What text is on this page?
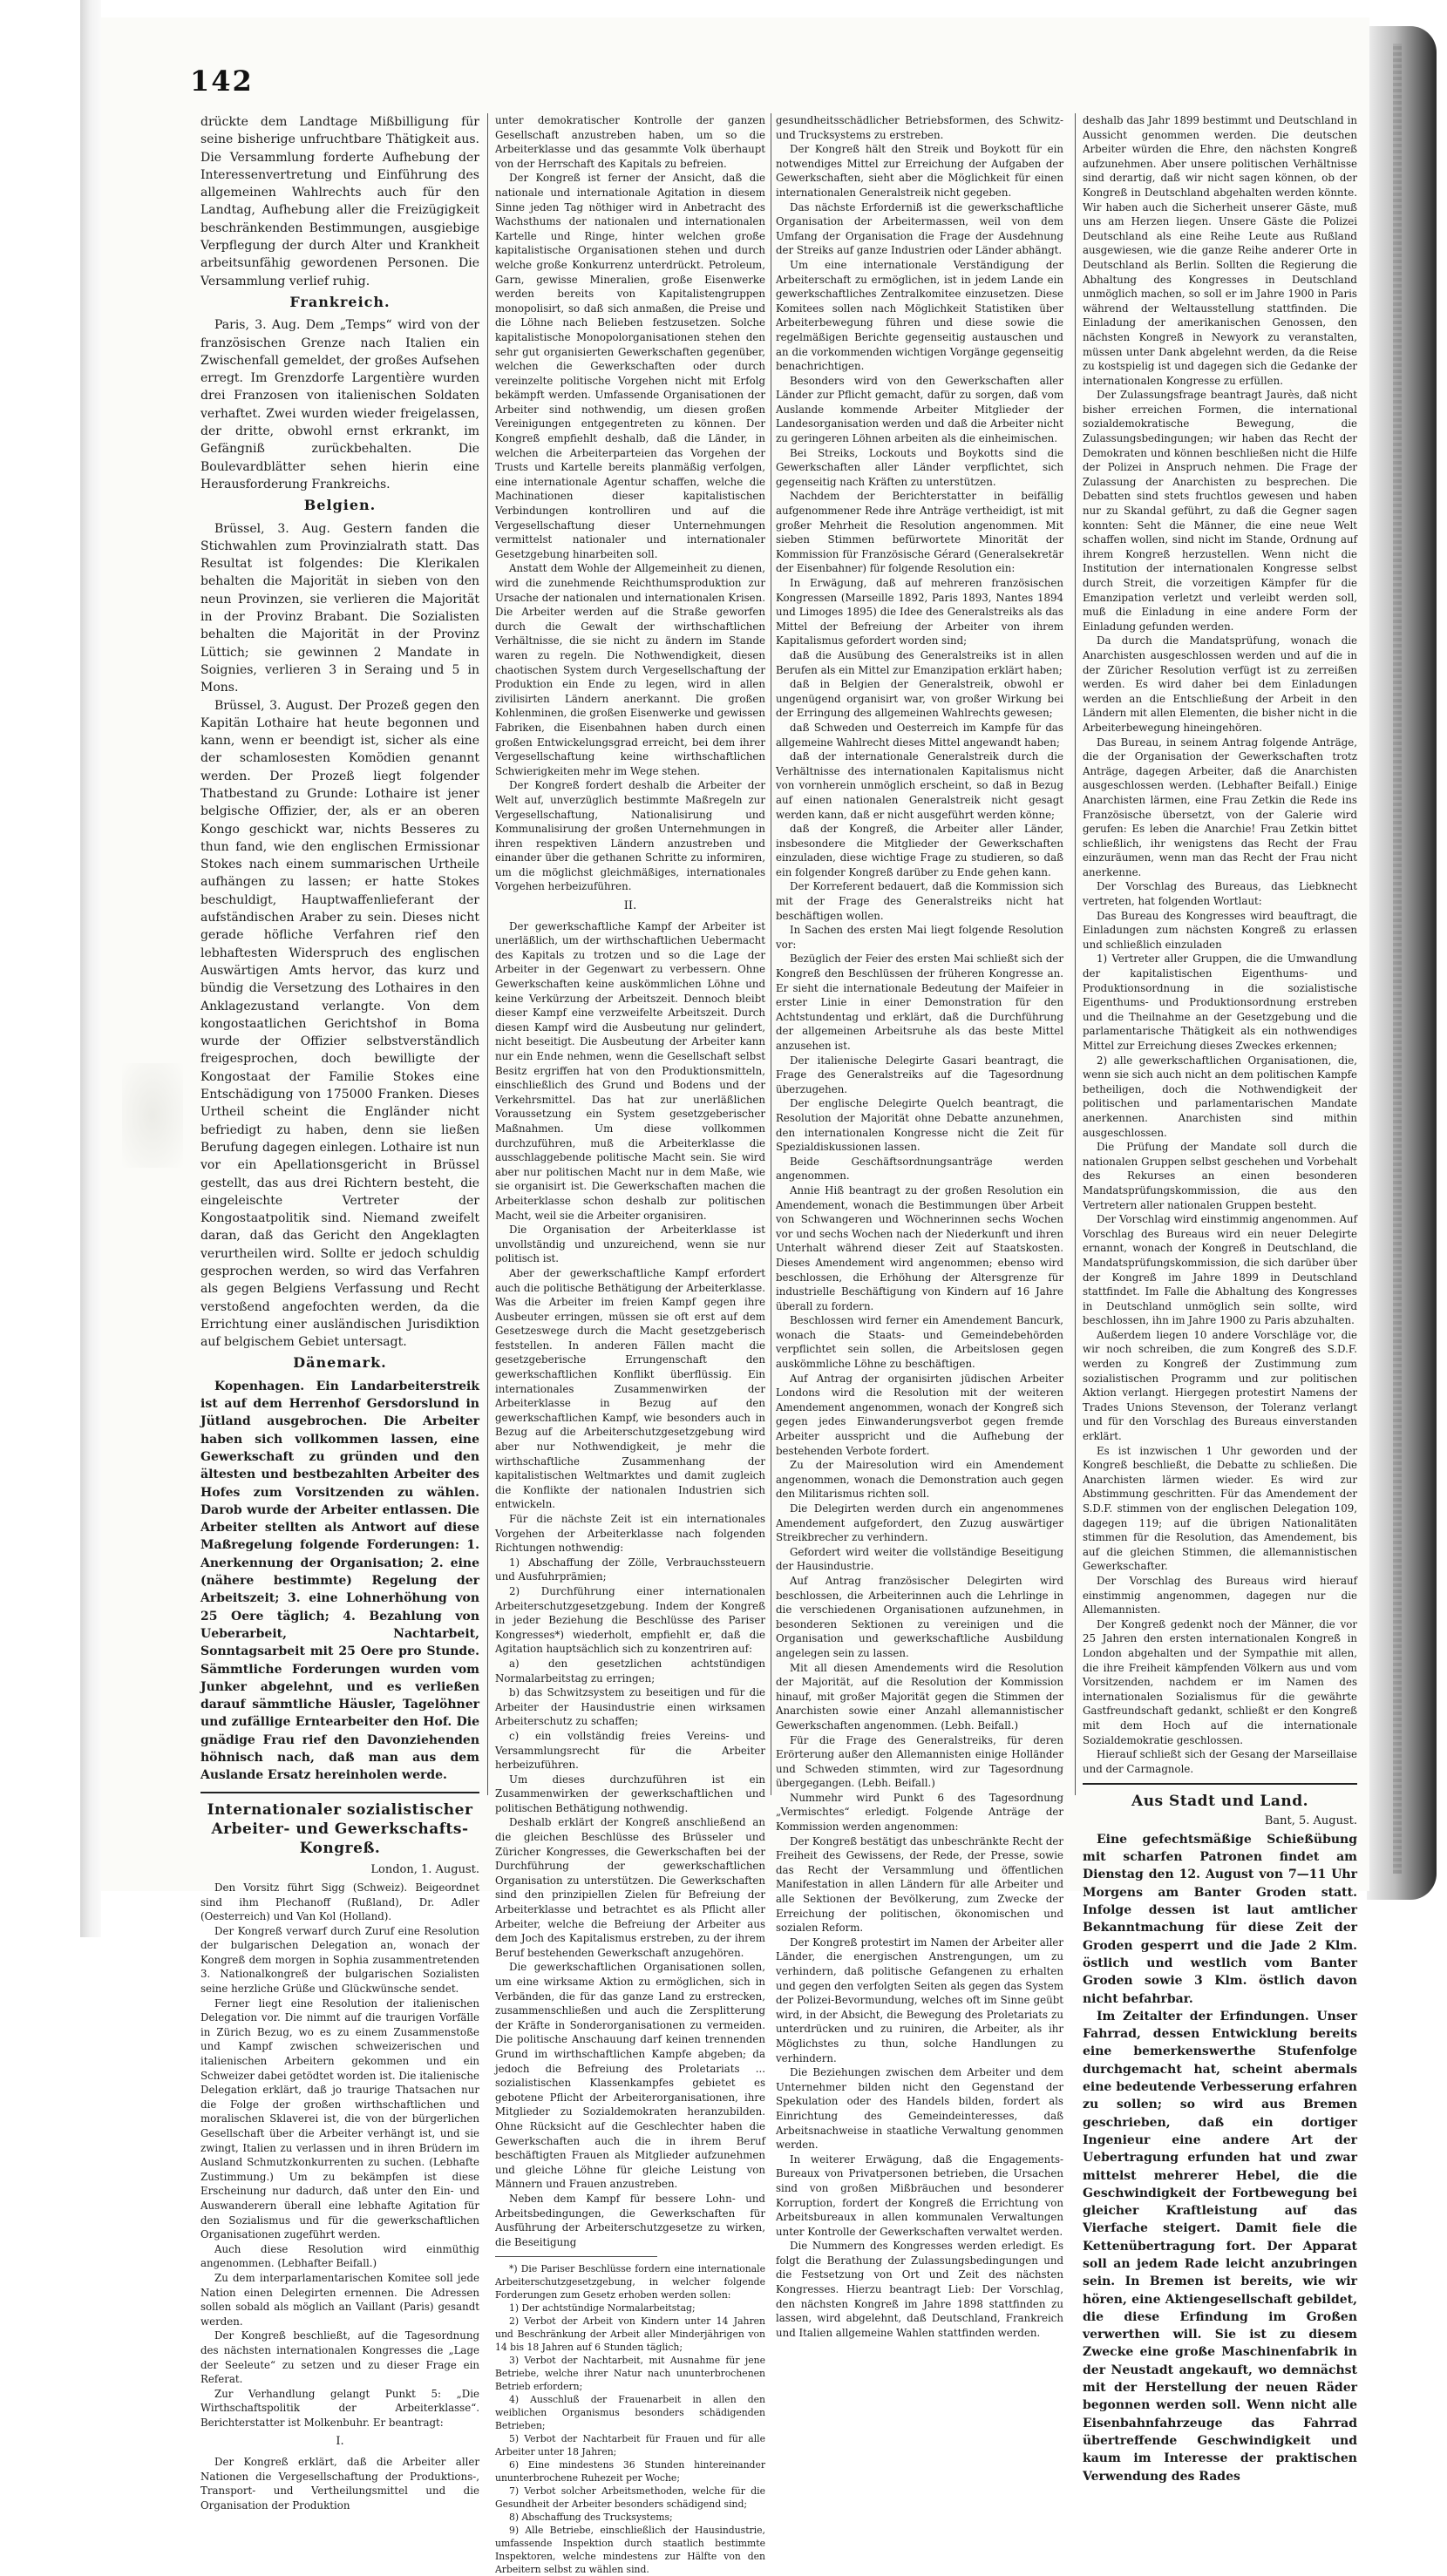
142

drückte dem Landtage Mißbilligung für seine bisherige unfruchtbare Thätigkeit aus. Die Versammlung forderte Aufhebung der Interessenvertretung und Einführung des allgemeinen Wahlrechts auch für den Landtag, Aufhebung aller die Freizügigkeit beschränkenden Bestimmungen, ausgiebige Verpflegung der durch Alter und Krankheit arbeitsunfähig gewordenen Personen. Die Versammlung verlief ruhig.

Frankreich.

Paris, 3. Aug. Dem „Temps“ wird von der französischen Grenze nach Italien ein Zwischenfall gemeldet, der großes Aufsehen erregt. Im Grenzdorfe Largentière wurden drei Franzosen von italienischen Soldaten verhaftet. Zwei wurden wieder freigelassen, der dritte, obwohl ernst erkrankt, im Gefängniß zurückbehalten. Die Boulevardblätter sehen hierin eine Herausforderung Frankreichs.

Belgien.

Brüssel, 3. Aug. Gestern fanden die Stichwahlen zum Provinzialrath statt. Das Resultat ist folgendes: Die Klerikalen behalten die Majorität in sieben von den neun Provinzen, sie verlieren die Majorität in der Provinz Brabant. Die Sozialisten behalten die Majorität in der Provinz Lüttich; sie gewinnen 2 Mandate in Soignies, verlieren 3 in Seraing und 5 in Mons.

Brüssel, 3. August. Der Prozeß gegen den Kapitän Lothaire hat heute begonnen und kann, wenn er beendigt ist, sicher als eine der schamlosesten Komödien genannt werden. Der Prozeß liegt folgender Thatbestand zu Grunde: Lothaire ist jener belgische Offizier, der, als er an oberen Kongo geschickt war, nichts Besseres zu thun fand, wie den englischen Ermissionar Stokes nach einem summarischen Urtheile aufhängen zu lassen; er hatte Stokes beschuldigt, Hauptwaffenlieferant der aufständischen Araber zu sein. Dieses nicht gerade höfliche Verfahren rief den lebhaftesten Widerspruch des englischen Auswärtigen Amts hervor, das kurz und bündig die Versetzung des Lothaires in den Anklagezustand verlangte. Von dem kongostaatlichen Gerichtshof in Boma wurde der Offizier selbstverständlich freigesprochen, doch bewilligte der Kongostaat der Familie Stokes eine Entschädigung von 175000 Franken. Dieses Urtheil scheint die Engländer nicht befriedigt zu haben, denn sie ließen Berufung dagegen einlegen. Lothaire ist nun vor ein Apellationsgericht in Brüssel gestellt, das aus drei Richtern besteht, die eingeleischte Vertreter der Kongostaatpolitik sind. Niemand zweifelt daran, daß das Gericht den Angeklagten verurtheilen wird. Sollte er jedoch schuldig gesprochen werden, so wird das Verfahren als gegen Belgiens Verfassung und Recht verstoßend angefochten werden, da die Errichtung einer ausländischen Jurisdiktion auf belgischem Gebiet untersagt.

Dänemark.

Kopenhagen. Ein Landarbeiterstreik ist auf dem Herrenhof Gersdorslund in Jütland ausgebrochen. Die Arbeiter haben sich vollkommen lassen, eine Gewerkschaft zu gründen und den ältesten und bestbezahlten Arbeiter des Hofes zum Vorsitzenden zu wählen. Darob wurde der Arbeiter entlassen. Die Arbeiter stellten als Antwort auf diese Maßregelung folgende Forderungen: 1. Anerkennung der Organisation; 2. eine (nähere bestimmte) Regelung der Arbeitszeit; 3. eine Lohnerhöhung von 25 Oere täglich; 4. Bezahlung von Ueberarbeit, Nachtarbeit, Sonntagsarbeit mit 25 Oere pro Stunde. Sämmtliche Forderungen wurden vom Junker abgelehnt, und es verließen darauf sämmtliche Häusler, Tagelöhner und zufällige Erntearbeiter den Hof. Die gnädige Frau rief den Davonziehenden höhnisch nach, daß man aus dem Auslande Ersatz hereinholen werde.

Internationaler sozialistischer Arbeiter- und Gewerkschafts-Kongreß.
London, 1. August.

Den Vorsitz führt Sigg (Schweiz). Beigeordnet sind ihm Plechanoff (Rußland), Dr. Adler (Oesterreich) und Van Kol (Holland).

Der Kongreß verwarf durch Zuruf eine Resolution der bulgarischen Delegation an, wonach der Kongreß dem morgen in Sophia zusammentretenden 3. Nationalkongreß der bulgarischen Sozialisten seine herzliche Grüße und Glückwünsche sendet.

Ferner liegt eine Resolution der italienischen Delegation vor. Die nimmt auf die traurigen Vorfälle in Zürich Bezug, wo es zu einem Zusammenstoße und Kampf zwischen schweizerischen und italienischen Arbeitern gekommen und ein Schweizer dabei getödtet worden ist. Die italienische Delegation erklärt, daß jo traurige Thatsachen nur die Folge der großen wirthschaftlichen und moralischen Sklaverei ist, die von der bürgerlichen Gesellschaft über die Arbeiter verhängt ist, und sie zwingt, Italien zu verlassen und in ihren Brüdern im Ausland Schmutzkonkurrenten zu suchen. (Lebhafte Zustimmung.) Um zu bekämpfen ist diese Erscheinung nur dadurch, daß unter den Ein- und Auswanderern überall eine lebhafte Agitation für den Sozialismus und für die gewerkschaftlichen Organisationen zugeführt werden.

Auch diese Resolution wird einmüthig angenommen. (Lebhafter Beifall.)

Zu dem interparlamentarischen Komitee soll jede Nation einen Delegirten ernennen. Die Adressen sollen sobald als möglich an Vaillant (Paris) gesandt werden.

Der Kongreß beschließt, auf die Tagesordnung des nächsten internationalen Kongresses die „Lage der Seeleute“ zu setzen und zu dieser Frage ein Referat.

Zur Verhandlung gelangt Punkt 5: „Die Wirthschaftspolitik der Arbeiterklasse“. Berichterstatter ist Molkenbuhr. Er beantragt:

I.

Der Kongreß erklärt, daß die Arbeiter aller Nationen die Vergesellschaftung der Produktions-, Transport- und Vertheilungsmittel und die Organisation der Produktion

unter demokratischer Kontrolle der ganzen Gesellschaft anzustreben haben, um so die Arbeiterklasse und das gesammte Volk überhaupt von der Herrschaft des Kapitals zu befreien.

Der Kongreß ist ferner der Ansicht, daß die nationale und internationale Agitation in diesem Sinne jeden Tag nöthiger wird in Anbetracht des Wachsthums der nationalen und internationalen Kartelle und Ringe, hinter welchen große kapitalistische Organisationen stehen und durch welche große Konkurrenz unterdrückt. Petroleum, Garn, gewisse Mineralien, große Eisenwerke werden bereits von Kapitalistengruppen monopolisirt, so daß sich anmaßen, die Preise und die Löhne nach Belieben festzusetzen. Solche kapitalistische Monopolorganisationen stehen den sehr gut organisierten Gewerkschaften gegenüber, welchen die Gewerkschaften oder durch vereinzelte politische Vorgehen nicht mit Erfolg bekämpft werden. Umfassende Organisationen der Arbeiter sind nothwendig, um diesen großen Vereinigungen entgegentreten zu können. Der Kongreß empfiehlt deshalb, daß die Länder, in welchen die Arbeiterparteien das Vorgehen der Trusts und Kartelle bereits planmäßig verfolgen, eine internationale Agentur schaffen, welche die Machinationen dieser kapitalistischen Verbindungen kontrolliren und auf die Vergesellschaftung dieser Unternehmungen vermittelst nationaler und internationaler Gesetzgebung hinarbeiten soll.

Anstatt dem Wohle der Allgemeinheit zu dienen, wird die zunehmende Reichthumsproduktion zur Ursache der nationalen und internationalen Krisen. Die Arbeiter werden auf die Straße geworfen durch die Gewalt der wirthschaftlichen Verhältnisse, die sie nicht zu ändern im Stande waren zu regeln. Die Nothwendigkeit, diesen chaotischen System durch Vergesellschaftung der Produktion ein Ende zu legen, wird in allen zivilisirten Ländern anerkannt. Die großen Kohlenminen, die großen Eisenwerke und gewissen Fabriken, die Eisenbahnen haben durch einen großen Entwickelungsgrad erreicht, bei dem ihrer Vergesellschaftung keine wirthschaftlichen Schwierigkeiten mehr im Wege stehen.

Der Kongreß fordert deshalb die Arbeiter der Welt auf, unverzüglich bestimmte Maßregeln zur Vergesellschaftung, Nationalisirung und Kommunalisirung der großen Unternehmungen in ihren respektiven Ländern anzustreben und einander über die gethanen Schritte zu informiren, um die möglichst gleichmäßiges, internationales Vorgehen herbeizuführen.

II.

Der gewerkschaftliche Kampf der Arbeiter ist unerläßlich, um der wirthschaftlichen Uebermacht des Kapitals zu trotzen und so die Lage der Arbeiter in der Gegenwart zu verbessern. Ohne Gewerkschaften keine auskömmlichen Löhne und keine Verkürzung der Arbeitszeit. Dennoch bleibt dieser Kampf eine verzweifelte Arbeitszeit. Durch diesen Kampf wird die Ausbeutung nur gelindert, nicht beseitigt. Die Ausbeutung der Arbeiter kann nur ein Ende nehmen, wenn die Gesellschaft selbst Besitz ergriffen hat von den Produktionsmitteln, einschließlich des Grund und Bodens und der Verkehrsmittel. Das hat zur unerläßlichen Voraussetzung ein System gesetzgeberischer Maßnahmen. Um diese vollkommen durchzuführen, muß die Arbeiterklasse die ausschlaggebende politische Macht sein. Sie wird aber nur politischen Macht nur in dem Maße, wie sie organisirt ist. Die Gewerkschaften machen die Arbeiterklasse schon deshalb zur politischen Macht, weil sie die Arbeiter organisiren.

Die Organisation der Arbeiterklasse ist unvollständig und unzureichend, wenn sie nur politisch ist.

Aber der gewerkschaftliche Kampf erfordert auch die politische Bethätigung der Arbeiterklasse. Was die Arbeiter im freien Kampf gegen ihre Ausbeuter erringen, müssen sie oft erst auf dem Gesetzeswege durch die Macht gesetzgeberisch feststellen. In anderen Fällen macht die gesetzgeberische Errungenschaft den gewerkschaftlichen Konflikt überflüssig. Ein internationales Zusammenwirken der Arbeiterklasse in Bezug auf den gewerkschaftlichen Kampf, wie besonders auch in Bezug auf die Arbeiterschutzgesetzgebung wird aber nur Nothwendigkeit, je mehr die wirthschaftliche Zusammenhang der kapitalistischen Weltmarktes und damit zugleich die Konflikte der nationalen Industrien sich entwickeln.

Für die nächste Zeit ist ein internationales Vorgehen der Arbeiterklasse nach folgenden Richtungen nothwendig:

1) Abschaffung der Zölle, Verbrauchssteuern und Ausfuhrprämien;

2) Durchführung einer internationalen Arbeiterschutzgesetzgebung. Indem der Kongreß in jeder Beziehung die Beschlüsse des Pariser Kongresses*) wiederholt, empfiehlt er, daß die Agitation hauptsächlich sich zu konzentriren auf:

a) den gesetzlichen achtstündigen Normalarbeitstag zu erringen;

b) das Schwitzsystem zu beseitigen und für die Arbeiter der Hausindustrie einen wirksamen Arbeiterschutz zu schaffen;

c) ein vollständig freies Vereins- und Versammlungsrecht für die Arbeiter herbeizuführen.

Um dieses durchzuführen ist ein Zusammenwirken der gewerkschaftlichen und politischen Bethätigung nothwendig.

Deshalb erklärt der Kongreß anschließend an die gleichen Beschlüsse des Brüsseler und Züricher Kongresses, die Gewerkschaften bei der Durchführung der gewerkschaftlichen Organisation zu unterstützen. Die Gewerkschaften sind den prinzipiellen Zielen für Befreiung der Arbeiterklasse und betrachtet es als Pflicht aller Arbeiter, welche die Befreiung der Arbeiter aus dem Joch des Kapitalismus erstreben, zu der ihrem Beruf bestehenden Gewerkschaft anzugehören.

Die gewerkschaftlichen Organisationen sollen, um eine wirksame Aktion zu ermöglichen, sich in Verbänden, die für das ganze Land zu erstrecken, zusammenschließen und auch die Zersplitterung der Kräfte in Sonderorganisationen zu vermeiden. Die politische Anschauung darf keinen trennenden Grund im wirthschaftlichen Kampfe abgeben; da jedoch die Befreiung des Proletariats ... sozialistischen Klassenkampfes gebietet es gebotene Pflicht der Arbeiterorganisationen, ihre Mitglieder zu Sozialdemokraten heranzubilden. Ohne Rücksicht auf die Geschlechter haben die Gewerkschaften auch die in ihrem Beruf beschäftigten Frauen als Mitglieder aufzunehmen und gleiche Löhne für gleiche Leistung von Männern und Frauen anzustreben.

Neben dem Kampf für bessere Lohn- und Arbeitsbedingungen, die Gewerkschaften für Ausführung der Arbeiterschutzgesetze zu wirken, die Beseitigung

*) Die Pariser Beschlüsse fordern eine internationale Arbeiterschutzgesetzgebung, in welcher folgende Forderungen zum Gesetz erhoben werden sollen:

1) Der achtstündige Normalarbeitstag;

2) Verbot der Arbeit von Kindern unter 14 Jahren und Beschränkung der Arbeit aller Minderjährigen von 14 bis 18 Jahren auf 6 Stunden täglich;

3) Verbot der Nachtarbeit, mit Ausnahme für jene Betriebe, welche ihrer Natur nach ununterbrochenen Betrieb erfordern;

4) Ausschluß der Frauenarbeit in allen den weiblichen Organismus besonders schädigenden Betrieben;

5) Verbot der Nachtarbeit für Frauen und für alle Arbeiter unter 18 Jahren;

6) Eine mindestens 36 Stunden hintereinander ununterbrochene Ruhezeit per Woche;

7) Verbot solcher Arbeitsmethoden, welche für die Gesundheit der Arbeiter besonders schädigend sind;

8) Abschaffung des Trucksystems;

9) Alle Betriebe, einschließlich der Hausindustrie, umfassende Inspektion durch staatlich bestimmte Inspektoren, welche mindestens zur Hälfte von den Arbeitern selbst zu wählen sind.

gesundheitsschädlicher Betriebsformen, des Schwitz- und Trucksystems zu erstreben.

Der Kongreß hält den Streik und Boykott für ein notwendiges Mittel zur Erreichung der Aufgaben der Gewerkschaften, sieht aber die Möglichkeit für einen internationalen Generalstreik nicht gegeben.

Das nächste Erforderniß ist die gewerkschaftliche Organisation der Arbeitermassen, weil von dem Umfang der Organisation die Frage der Ausdehnung der Streiks auf ganze Industrien oder Länder abhängt.

Um eine internationale Verständigung der Arbeiterschaft zu ermöglichen, ist in jedem Lande ein gewerkschaftliches Zentralkomitee einzusetzen. Diese Komitees sollen nach Möglichkeit Statistiken über Arbeiterbewegung führen und diese sowie die regelmäßigen Berichte gegenseitig austauschen und an die vorkommenden wichtigen Vorgänge gegenseitig benachrichtigen.

Besonders wird von den Gewerkschaften aller Länder zur Pflicht gemacht, dafür zu sorgen, daß vom Auslande kommende Arbeiter Mitglieder der Landesorganisation werden und daß die Arbeiter nicht zu geringeren Löhnen arbeiten als die einheimischen.

Bei Streiks, Lockouts und Boykotts sind die Gewerkschaften aller Länder verpflichtet, sich gegenseitig nach Kräften zu unterstützen.

Nachdem der Berichterstatter in beifällig aufgenommener Rede ihre Anträge vertheidigt, ist mit großer Mehrheit die Resolution angenommen. Mit sieben Stimmen befürwortete Minorität der Kommission für Französische Gérard (Generalsekretär der Eisenbahner) für folgende Resolution ein:

In Erwägung, daß auf mehreren französischen Kongressen (Marseille 1892, Paris 1893, Nantes 1894 und Limoges 1895) die Idee des Generalstreiks als das Mittel der Befreiung der Arbeiter von ihrem Kapitalismus gefordert worden sind;

daß die Ausübung des Generalstreiks ist in allen Berufen als ein Mittel zur Emanzipation erklärt haben;

daß in Belgien der Generalstreik, obwohl er ungenügend organisirt war, von großer Wirkung bei der Erringung des allgemeinen Wahlrechts gewesen;

daß Schweden und Oesterreich im Kampfe für das allgemeine Wahlrecht dieses Mittel angewandt haben;

daß der internationale Generalstreik durch die Verhältnisse des internationalen Kapitalismus nicht von vornherein unmöglich erscheint, so daß in Bezug auf einen nationalen Generalstreik nicht gesagt werden kann, daß er nicht ausgeführt werden könne;

daß der Kongreß, die Arbeiter aller Länder, insbesondere die Mitglieder der Gewerkschaften einzuladen, diese wichtige Frage zu studieren, so daß ein folgender Kongreß darüber zu Ende gehen kann.

Der Korreferent bedauert, daß die Kommission sich mit der Frage des Generalstreiks nicht hat beschäftigen wollen.

In Sachen des ersten Mai liegt folgende Resolution vor:

Bezüglich der Feier des ersten Mai schließt sich der Kongreß den Beschlüssen der früheren Kongresse an. Er sieht die internationale Bedeutung der Maifeier in erster Linie in einer Demonstration für den Achtstundentag und erklärt, daß die Durchführung der allgemeinen Arbeitsruhe als das beste Mittel anzusehen ist.

Der italienische Delegirte Gasari beantragt, die Frage des Generalstreiks auf die Tagesordnung überzugehen.

Der englische Delegirte Quelch beantragt, die Resolution der Majorität ohne Debatte anzunehmen, den internationalen Kongresse nicht die Zeit für Spezialdiskussionen lassen.

Beide Geschäftsordnungsanträge werden angenommen.

Annie Hiß beantragt zu der großen Resolution ein Amendement, wonach die Bestimmungen über Arbeit von Schwangeren und Wöchnerinnen sechs Wochen vor und sechs Wochen nach der Niederkunft und ihren Unterhalt während dieser Zeit auf Staatskosten. Dieses Amendement wird angenommen; ebenso wird beschlossen, die Erhöhung der Altersgrenze für industrielle Beschäftigung von Kindern auf 16 Jahre überall zu fordern.

Beschlossen wird ferner ein Amendement Bancurk, wonach die Staats- und Gemeindebehörden verpflichtet sein sollen, die Arbeitslosen gegen auskömmliche Löhne zu beschäftigen.

Auf Antrag der organisirten jüdischen Arbeiter Londons wird die Resolution mit der weiteren Amendement angenommen, wonach der Kongreß sich gegen jedes Einwanderungsverbot gegen fremde Arbeiter ausspricht und die Aufhebung der bestehenden Verbote fordert.

Zu der Mairesolution wird ein Amendement angenommen, wonach die Demonstration auch gegen den Militarismus richten soll.

Die Delegirten werden durch ein angenommenes Amendement aufgefordert, den Zuzug auswärtiger Streikbrecher zu verhindern.

Gefordert wird weiter die vollständige Beseitigung der Hausindustrie.

Auf Antrag französischer Delegirten wird beschlossen, die Arbeiterinnen auch die Lehrlinge in die verschiedenen Organisationen aufzunehmen, in besonderen Sektionen zu vereinigen und die Organisation und gewerkschaftliche Ausbildung angelegen sein zu lassen.

Mit all diesen Amendements wird die Resolution der Majorität, auf die Resolution der Kommission hinauf, mit großer Majorität gegen die Stimmen der Anarchisten sowie einer Anzahl allemannistischer Gewerkschaften angenommen. (Lebh. Beifall.)

Für die Frage des Generalstreiks, für deren Erörterung außer den Allemannisten einige Holländer und Schweden stimmten, wird zur Tagesordnung übergegangen. (Lebh. Beifall.)

Nummehr wird Punkt 6 des Tagesordnung „Vermischtes“ erledigt. Folgende Anträge der Kommission werden angenommen:

Der Kongreß bestätigt das unbeschränkte Recht der Freiheit des Gewissens, der Rede, der Presse, sowie das Recht der Versammlung und öffentlichen Manifestation in allen Ländern für alle Arbeiter und alle Sektionen der Bevölkerung, zum Zwecke der Erreichung der politischen, ökonomischen und sozialen Reform.

Der Kongreß protestirt im Namen der Arbeiter aller Länder, die energischen Anstrengungen, um zu verhindern, daß politische Gefangenen zu erhalten und gegen den verfolgten Seiten als gegen das System der Polizei-Bevormundung, welches oft im Sinne geübt wird, in der Absicht, die Bewegung des Proletariats zu unterdrücken und zu ruiniren, die Arbeiter, als ihr Möglichstes zu thun, solche Handlungen zu verhindern.

Die Beziehungen zwischen dem Arbeiter und dem Unternehmer bilden nicht den Gegenstand der Spekulation oder des Handels bilden, fordert als Einrichtung des Gemeindeinteresses, daß Arbeitsnachweise in staatliche Verwaltung genommen werden.

In weiterer Erwägung, daß die Engagements-Bureaux von Privatpersonen betrieben, die Ursachen sind von großen Mißbräuchen und besonderer Korruption, fordert der Kongreß die Errichtung von Arbeitsbureaux in allen kommunalen Verwaltungen unter Kontrolle der Gewerkschaften verwaltet werden.

Die Nummern des Kongresses werden erledigt. Es folgt die Berathung der Zulassungsbedingungen und die Festsetzung von Ort und Zeit des nächsten Kongresses. Hierzu beantragt Lieb: Der Vorschlag, den nächsten Kongreß im Jahre 1898 stattfinden zu lassen, wird abgelehnt, daß Deutschland, Frankreich und Italien allgemeine Wahlen stattfinden werden.

deshalb das Jahr 1899 bestimmt und Deutschland in Aussicht genommen werden. Die deutschen Arbeiter würden die Ehre, den nächsten Kongreß aufzunehmen. Aber unsere politischen Verhältnisse sind derartig, daß wir nicht sagen können, ob der Kongreß in Deutschland abgehalten werden könnte. Wir haben auch die Sicherheit unserer Gäste, muß uns am Herzen liegen. Unsere Gäste die Polizei Deutschland als eine Reihe Leute aus Rußland ausgewiesen, wie die ganze Reihe anderer Orte in Deutschland als Berlin. Sollten die Regierung die Abhaltung des Kongresses in Deutschland unmöglich machen, so soll er im Jahre 1900 in Paris während der Weltausstellung stattfinden. Die Einladung der amerikanischen Genossen, den nächsten Kongreß in Newyork zu veranstalten, müssen unter Dank abgelehnt werden, da die Reise zu kostspielig ist und dagegen sich die Gedanke der internationalen Kongresse zu erfüllen.

Der Zulassungsfrage beantragt Jaurès, daß nicht bisher erreichen Formen, die international sozialdemokratische Bewegung, die Zulassungsbedingungen; wir haben das Recht der Demokraten und können beschließen nicht die Hilfe der Polizei in Anspruch nehmen. Die Frage der Zulassung der Anarchisten zu besprechen. Die Debatten sind stets fruchtlos gewesen und haben nur zu Skandal geführt, zu daß die Gegner sagen konnten: Seht die Männer, die eine neue Welt schaffen wollen, sind nicht im Stande, Ordnung auf ihrem Kongreß herzustellen. Wenn nicht die Institution der internationalen Kongresse selbst durch Streit, die vorzeitigen Kämpfer für die Emanzipation verletzt und verleibt werden soll, muß die Einladung in eine andere Form der Einladung gefunden werden.

Da durch die Mandatsprüfung, wonach die Anarchisten ausgeschlossen werden und auf die in der Züricher Resolution verfügt ist zu zerreißen werden. Es wird daher bei dem Einladungen werden an die Entschließung der Arbeit in den Ländern mit allen Elementen, die bisher nicht in die Arbeiterbewegung hineingehören.

Das Bureau, in seinem Antrag folgende Anträge, die der Organisation der Gewerkschaften trotz Anträge, dagegen Arbeiter, daß die Anarchisten ausgeschlossen werden. (Lebhafter Beifall.) Einige Anarchisten lärmen, eine Frau Zetkin die Rede ins Französische übersetzt, von der Galerie wird gerufen: Es leben die Anarchie! Frau Zetkin bittet schließlich, ihr wenigstens das Recht der Frau einzuräumen, wenn man das Recht der Frau nicht anerkenne.

Der Vorschlag des Bureaus, das Liebknecht vertreten, hat folgenden Wortlaut:

Das Bureau des Kongresses wird beauftragt, die Einladungen zum nächsten Kongreß zu erlassen und schließlich einzuladen

1) Vertreter aller Gruppen, die die Umwandlung der kapitalistischen Eigenthums- und Produktionsordnung in die sozialistische Eigenthums- und Produktionsordnung erstreben und die Theilnahme an der Gesetzgebung und die parlamentarische Thätigkeit als ein nothwendiges Mittel zur Erreichung dieses Zweckes erkennen;

2) alle gewerkschaftlichen Organisationen, die, wenn sie sich auch nicht an dem politischen Kampfe betheiligen, doch die Nothwendigkeit der politischen und parlamentarischen Mandate anerkennen. Anarchisten sind mithin ausgeschlossen.

Die Prüfung der Mandate soll durch die nationalen Gruppen selbst geschehen und Vorbehalt des Rekurses an einen besonderen Mandatsprüfungskommission, die aus den Vertretern aller nationalen Gruppen besteht.

Der Vorschlag wird einstimmig angenommen. Auf Vorschlag des Bureaus wird ein neuer Delegirte ernannt, wonach der Kongreß in Deutschland, die Mandatsprüfungskommission, die sich darüber über der Kongreß im Jahre 1899 in Deutschland stattfindet. Im Falle die Abhaltung des Kongresses in Deutschland unmöglich sein sollte, wird beschlossen, ihn im Jahre 1900 zu Paris abzuhalten.

Außerdem liegen 10 andere Vorschläge vor, die wir noch schreiben, die zum Kongreß des S.D.F. werden zu Kongreß der Zustimmung zum sozialistischen Programm und zur politischen Aktion verlangt. Hiergegen protestirt Namens der Trades Unions Stevenson, der Toleranz verlangt und für den Vorschlag des Bureaus einverstanden erklärt.

Es ist inzwischen 1 Uhr geworden und der Kongreß beschließt, die Debatte zu schließen. Die Anarchisten lärmen wieder. Es wird zur Abstimmung geschritten. Für das Amendement der S.D.F. stimmen von der englischen Delegation 109, dagegen 119; auf die übrigen Nationalitäten stimmen für die Resolution, das Amendement, bis auf die gleichen Stimmen, die allemannistischen Gewerkschafter.

Der Vorschlag des Bureaus wird hierauf einstimmig angenommen, dagegen nur die Allemannisten.

Der Kongreß gedenkt noch der Männer, die vor 25 Jahren den ersten internationalen Kongreß in London abgehalten und der Sympathie mit allen, die ihre Freiheit kämpfenden Völkern aus und vom Vorsitzenden, nachdem er im Namen des internationalen Sozialismus für die gewährte Gastfreundschaft gedankt, schließt er den Kongreß mit dem Hoch auf die internationale Sozialdemokratie geschlossen.

Hierauf schließt sich der Gesang der Marseillaise und der Carmagnole.

Aus Stadt und Land.
Bant, 5. August.

Eine gefechtsmäßige Schießübung mit scharfen Patronen findet am Dienstag den 12. August von 7—11 Uhr Morgens am Banter Groden statt. Infolge dessen ist laut amtlicher Bekanntmachung für diese Zeit der Groden gesperrt und die Jade 2 Klm. östlich und westlich vom Banter Groden sowie 3 Klm. östlich davon nicht befahrbar.

Im Zeitalter der Erfindungen. Unser Fahrrad, dessen Entwicklung bereits eine bemerkenswerthe Stufenfolge durchgemacht hat, scheint abermals eine bedeutende Verbesserung erfahren zu sollen; so wird aus Bremen geschrieben, daß ein dortiger Ingenieur eine andere Art der Uebertragung erfunden hat und zwar mittelst mehrerer Hebel, die die Geschwindigkeit der Fortbewegung bei gleicher Kraftleistung auf das Vierfache steigert. Damit fiele die Kettenübertragung fort. Der Apparat soll an jedem Rade leicht anzubringen sein. In Bremen ist bereits, wie wir hören, eine Aktiengesellschaft gebildet, die diese Erfindung im Großen verwerthen will. Sie ist zu diesem Zwecke eine große Maschinenfabrik in der Neustadt angekauft, wo demnächst mit der Herstellung der neuen Räder begonnen werden soll. Wenn nicht alle Eisenbahnfahrzeuge das Fahrrad übertreffende Geschwindigkeit und kaum im Interesse der praktischen Verwendung des Rades
